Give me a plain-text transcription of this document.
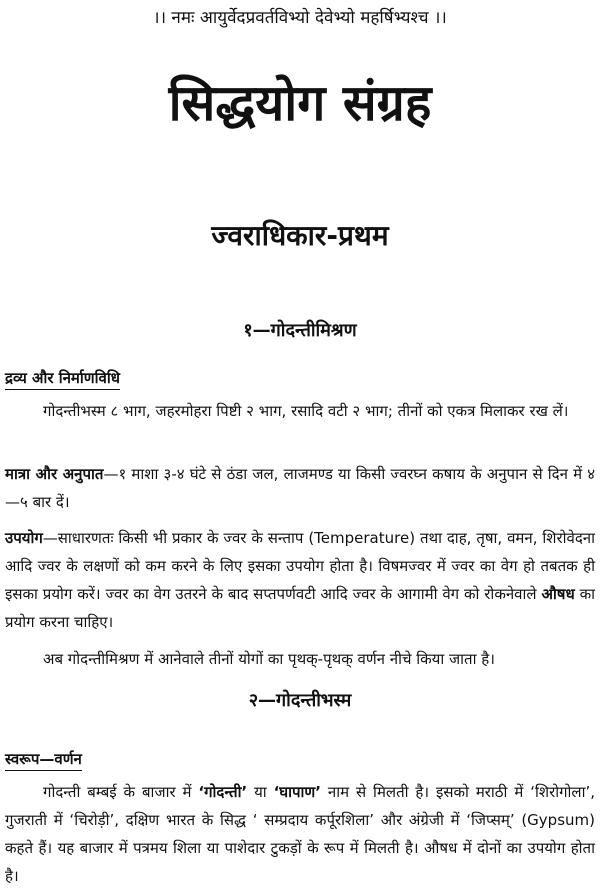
।। नमः आयुर्वेदप्रवर्तविभ्यो देवेभ्यो महर्षिभ्यश्च ।।
सिद्धयोग संग्रह
ज्वराधिकार-प्रथम
१—गोदन्तीमिश्रण
द्रव्य और निर्माणविधि
गोदन्तीभस्म ८ भाग, जहरमोहरा पिष्टी २ भाग, रसादि वटी २ भाग; तीनों को एकत्र मिलाकर रख लें।
मात्रा और अनुपात—१ माशा ३-४ घंटे से ठंडा जल, लाजमण्ड या किसी ज्वरघ्न कषाय के अनुपान से दिन में ४—५ बार दें।
उपयोग—साधारणतः किसी भी प्रकार के ज्वर के सन्ताप (Temperature) तथा दाह, तृषा, वमन, शिरोवेदना आदि ज्वर के लक्षणों को कम करने के लिए इसका उपयोग होता है। विषमज्वर में ज्वर का वेग हो तबतक ही इसका प्रयोग करें। ज्वर का वेग उतरने के बाद सप्तपर्णवटी आदि ज्वर के आगामी वेग को रोकनेवाले औषध का प्रयोग करना चाहिए।
अब गोदन्तीमिश्रण में आनेवाले तीनों योगों का पृथक्-पृथक् वर्णन नीचे किया जाता है।
२—गोदन्तीभस्म
स्वरूप—वर्णन
गोदन्ती बम्बई के बाजार में ‘गोदन्ती’ या ‘घापाण’ नाम से मिलती है। इसको मराठी में ‘शिरोगोला’, गुजराती में ‘चिरोड़ी’, दक्षिण भारत के सिद्ध ‘ सम्प्रदाय कर्पूरशिला’ और अंग्रेजी में ‘जिप्सम्’ (Gypsum) कहते हैं। यह बाजार में पत्रमय शिला या पाशेदार टुकड़ों के रूप में मिलती है। औषध में दोनों का उपयोग होता है।
